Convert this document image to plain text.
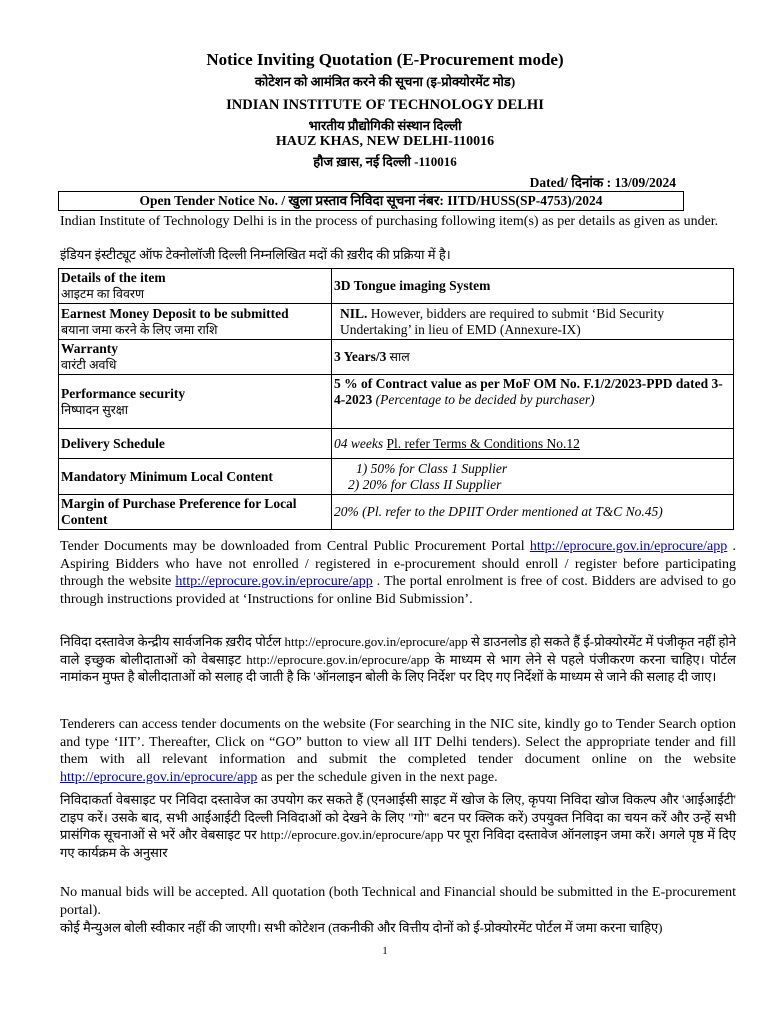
Notice Inviting Quotation (E-Procurement mode)
कोटेशन को आमंत्रित करने की सूचना (इ-प्रोक्योरमेंट मोड)
INDIAN INSTITUTE OF TECHNOLOGY DELHI
भारतीय प्रौद्योगिकी संस्थान दिल्ली
HAUZ KHAS, NEW DELHI-110016
हौज ख़ास, नई दिल्ली -110016
Dated/ दिनांक : 13/09/2024
Open Tender Notice No. / खुला प्रस्ताव निविदा सूचना नंबर: IITD/HUSS(SP-4753)/2024
Indian Institute of Technology Delhi is in the process of purchasing following item(s) as per details as given as under.
इंडियन इंस्टीट्यूट ऑफ टेक्नोलॉजी दिल्ली निम्नलिखित मदों की ख़रीद की प्रक्रिया में है।
Details of the item
आइटम का विवरण	3D Tongue imaging System

Earnest Money Deposit to be submitted
बयाना जमा करने के लिए जमा राशि	NIL. However, bidders are required to submit ‘Bid Security Undertaking’ in lieu of EMD (Annexure-IX)

Warranty
वारंटी अवधि	3 Years/3 साल

Performance security
निष्पादन सुरक्षा	5 % of Contract value as per MoF OM No. F.1/2/2023-PPD dated 3-4-2023 (Percentage to be decided by purchaser)
Delivery Schedule	04 weeks Pl. refer Terms & Conditions No.12
Mandatory Minimum Local Content	1) 50% for Class 1 Supplier
2) 20% for Class II Supplier

Margin of Purchase Preference for Local Content	20% (Pl. refer to the DPIIT Order mentioned at T&C No.45)
Tender Documents may be downloaded from Central Public Procurement Portal http://eprocure.gov.in/eprocure/app . Aspiring Bidders who have not enrolled / registered in e-procurement should enroll / register before participating through the website http://eprocure.gov.in/eprocure/app . The portal enrolment is free of cost. Bidders are advised to go through instructions provided at ‘Instructions for online Bid Submission’.
निविदा दस्तावेज केन्द्रीय सार्वजनिक ख़रीद पोर्टल http://eprocure.gov.in/eprocure/app से डाउनलोड हो सकते हैं ई-प्रोक्योरमेंट में पंजीकृत नहीं होने वाले इच्छुक बोलीदाताओं को वेबसाइट http://eprocure.gov.in/eprocure/app के माध्यम से भाग लेने से पहले पंजीकरण करना चाहिए। पोर्टल नामांकन मुफ्त है बोलीदाताओं को सलाह दी जाती है कि 'ऑनलाइन बोली के लिए निर्देश' पर दिए गए निर्देशों के माध्यम से जाने की सलाह दी जाए।
Tenderers can access tender documents on the website (For searching in the NIC site, kindly go to Tender Search option and type ‘IIT’. Thereafter, Click on “GO” button to view all IIT Delhi tenders). Select the appropriate tender and fill them with all relevant information and submit the completed tender document online on the website http://eprocure.gov.in/eprocure/app as per the schedule given in the next page.
निविदाकर्ता वेबसाइट पर निविदा दस्तावेज का उपयोग कर सकते हैं (एनआईसी साइट में खोज के लिए, कृपया निविदा खोज विकल्प और 'आईआईटी' टाइप करें। उसके बाद, सभी आईआईटी दिल्ली निविदाओं को देखने के लिए "गो" बटन पर क्लिक करें) उपयुक्त निविदा का चयन करें और उन्हें सभी प्रासंगिक सूचनाओं से भरें और वेबसाइट पर http://eprocure.gov.in/eprocure/app पर पूरा निविदा दस्तावेज ऑनलाइन जमा करें। अगले पृष्ठ में दिए गए कार्यक्रम के अनुसार
No manual bids will be accepted. All quotation (both Technical and Financial should be submitted in the E-procurement portal).
कोई मैन्युअल बोली स्वीकार नहीं की जाएगी। सभी कोटेशन (तकनीकी और वित्तीय दोनों को ई-प्रोक्योरमेंट पोर्टल में जमा करना चाहिए)
1
